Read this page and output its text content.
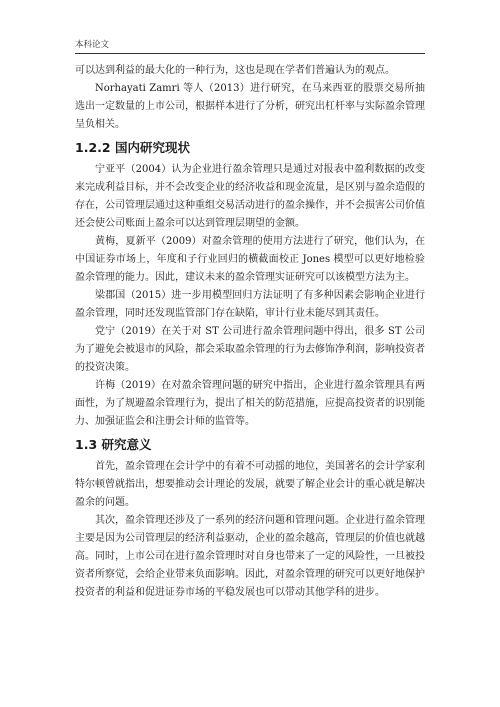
本科论文

可以达到利益的最大化的一种行为，这也是现在学者们普遍认为的观点。

Norhayati Zamri 等人（2013）进行研究，在马来西亚的股票交易所抽选出一定数量的上市公司，根据样本进行了分析，研究出杠杆率与实际盈余管理呈负相关。

1.2.2 国内研究现状

宁亚平（2004）认为企业进行盈余管理只是通过对报表中盈利数据的改变来完成利益目标，并不会改变企业的经济收益和现金流量，是区别与盈余造假的存在，公司管理层通过这种重组交易活动进行的盈余操作，并不会损害公司价值还会使公司账面上盈余可以达到管理层期望的金额。

黄梅，夏新平（2009）对盈余管理的使用方法进行了研究，他们认为，在中国证券市场上，年度和子行业回归的横截面校正 Jones 模型可以更好地检验盈余管理的能力。因此，建议未来的盈余管理实证研究可以该模型方法为主。

梁郡国（2015）进一步用模型回归方法证明了有多种因素会影响企业进行盈余管理，同时还发现监管部门存在缺陷，审计行业未能尽到其责任。

党宁（2019）在关于对 ST 公司进行盈余管理问题中得出，很多 ST 公司为了避免会被退市的风险，都会采取盈余管理的行为去修饰净利润，影响投资者的投资决策。

许梅（2019）在对盈余管理问题的研究中指出，企业进行盈余管理具有两面性，为了规避盈余管理行为，提出了相关的防范措施，应提高投资者的识别能力、加强证监会和注册会计师的监管等。

1.3 研究意义

首先，盈余管理在会计学中的有着不可动摇的地位，美国著名的会计学家利特尔顿曾就指出，想要推动会计理论的发展，就要了解企业会计的重心就是解决盈余的问题。

其次，盈余管理还涉及了一系列的经济问题和管理问题。企业进行盈余管理主要是因为公司管理层的经济利益驱动，企业的盈余越高，管理层的价值也就越高。同时，上市公司在进行盈余管理时对自身也带来了一定的风险性，一旦被投资者所察觉，会给企业带来负面影响。因此，对盈余管理的研究可以更好地保护投资者的利益和促进证券市场的平稳发展也可以带动其他学科的进步。
